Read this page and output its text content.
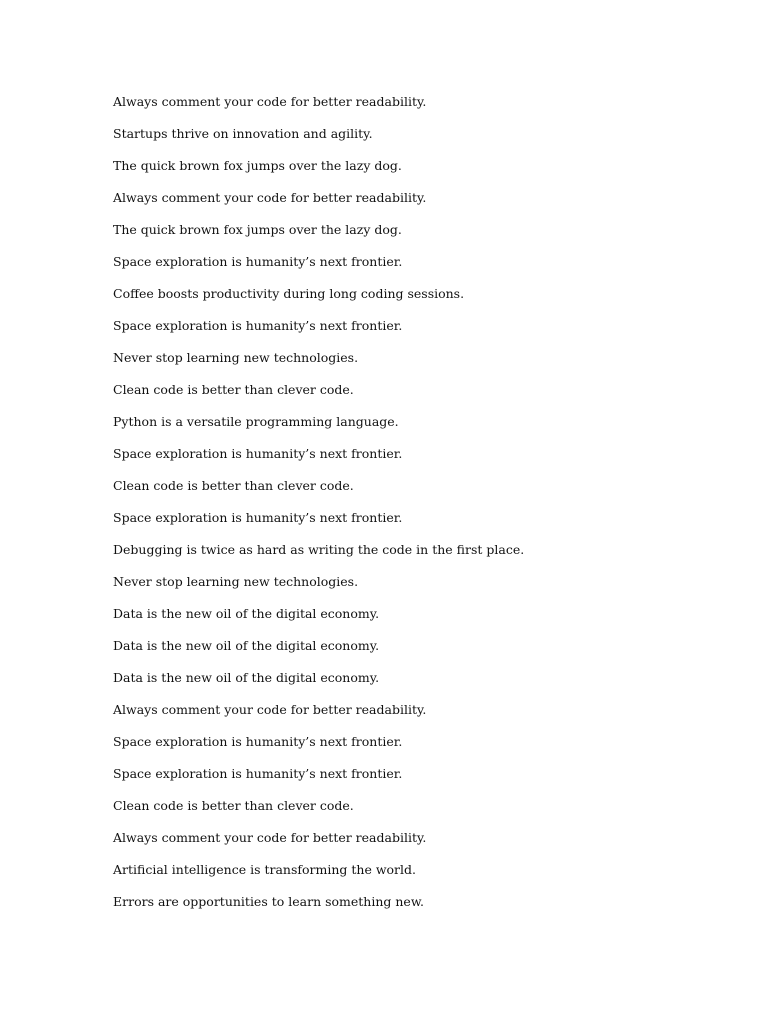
Always comment your code for better readability.
Startups thrive on innovation and agility.
The quick brown fox jumps over the lazy dog.
Always comment your code for better readability.
The quick brown fox jumps over the lazy dog.
Space exploration is humanity’s next frontier.
Coffee boosts productivity during long coding sessions.
Space exploration is humanity’s next frontier.
Never stop learning new technologies.
Clean code is better than clever code.
Python is a versatile programming language.
Space exploration is humanity’s next frontier.
Clean code is better than clever code.
Space exploration is humanity’s next frontier.
Debugging is twice as hard as writing the code in the first place.
Never stop learning new technologies.
Data is the new oil of the digital economy.
Data is the new oil of the digital economy.
Data is the new oil of the digital economy.
Always comment your code for better readability.
Space exploration is humanity’s next frontier.
Space exploration is humanity’s next frontier.
Clean code is better than clever code.
Always comment your code for better readability.
Artificial intelligence is transforming the world.
Errors are opportunities to learn something new.
